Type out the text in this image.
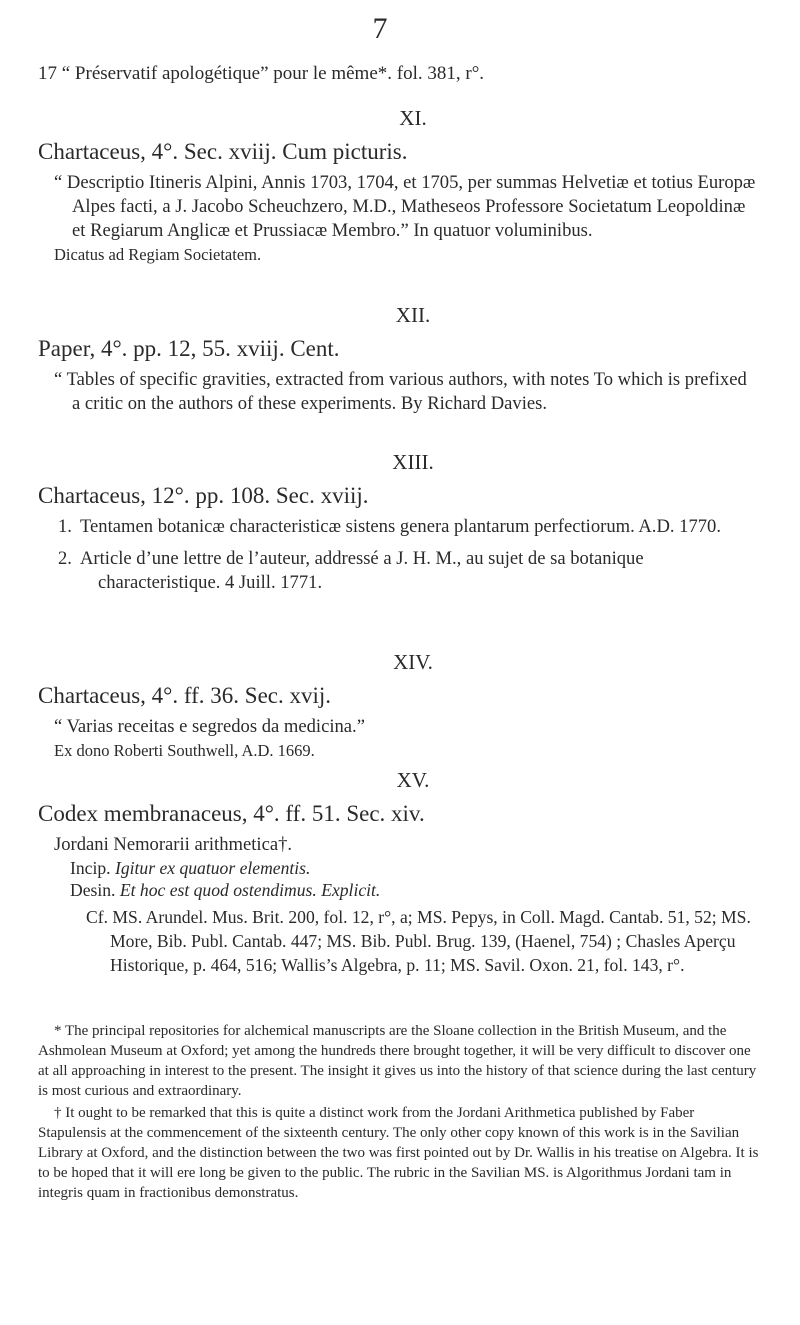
7
17 “ Préservatif apologétique” pour le même*. fol. 381, r°.

XI.

Chartaceus, 4°. Sec. xviij. Cum picturis.

“ Descriptio Itineris Alpini, Annis 1703, 1704, et 1705, per summas Helvetiæ et totius Europæ Alpes facti, a J. Jacobo Scheuchzero, M.D., Matheseos Professore Societatum Leopoldinæ et Regiarum Anglicæ et Prussiacæ Membro.” In quatuor voluminibus.

Dicatus ad Regiam Societatem.

XII.

Paper, 4°. pp. 12, 55. xviij. Cent.

“ Tables of specific gravities, extracted from various authors, with notes To which is prefixed a critic on the authors of these experiments. By Richard Davies.

XIII.

Chartaceus, 12°. pp. 108. Sec. xviij.

1. Tentamen botanicæ characteristicæ sistens genera plantarum perfectiorum. A.D. 1770.

2. Article d’une lettre de l’auteur, addressé a J. H. M., au sujet de sa botanique characteristique. 4 Juill. 1771.

XIV.

Chartaceus, 4°. ff. 36. Sec. xvij.

“ Varias receitas e segredos da medicina.”

Ex dono Roberti Southwell, A.D. 1669.

XV.

Codex membranaceus, 4°. ff. 51. Sec. xiv.

Jordani Nemorarii arithmetica†.

Incip. Igitur ex quatuor elementis.

Desin. Et hoc est quod ostendimus. Explicit.

Cf. MS. Arundel. Mus. Brit. 200, fol. 12, r°, a; MS. Pepys, in Coll. Magd. Cantab. 51, 52; MS. More, Bib. Publ. Cantab. 447; MS. Bib. Publ. Brug. 139, (Haenel, 754) ; Chasles Aperçu Historique, p. 464, 516; Wallis’s Algebra, p. 11; MS. Savil. Oxon. 21, fol. 143, r°.

* The principal repositories for alchemical manuscripts are the Sloane collection in the British Museum, and the Ashmolean Museum at Oxford; yet among the hundreds there brought together, it will be very difficult to discover one at all approaching in interest to the present. The insight it gives us into the history of that science during the last century is most curious and extraordinary.

† It ought to be remarked that this is quite a distinct work from the Jordani Arithmetica published by Faber Stapulensis at the commencement of the sixteenth century. The only other copy known of this work is in the Savilian Library at Oxford, and the distinction between the two was first pointed out by Dr. Wallis in his treatise on Algebra. It is to be hoped that it will ere long be given to the public. The rubric in the Savilian MS. is Algorithmus Jordani tam in integris quam in fractionibus demonstratus.
